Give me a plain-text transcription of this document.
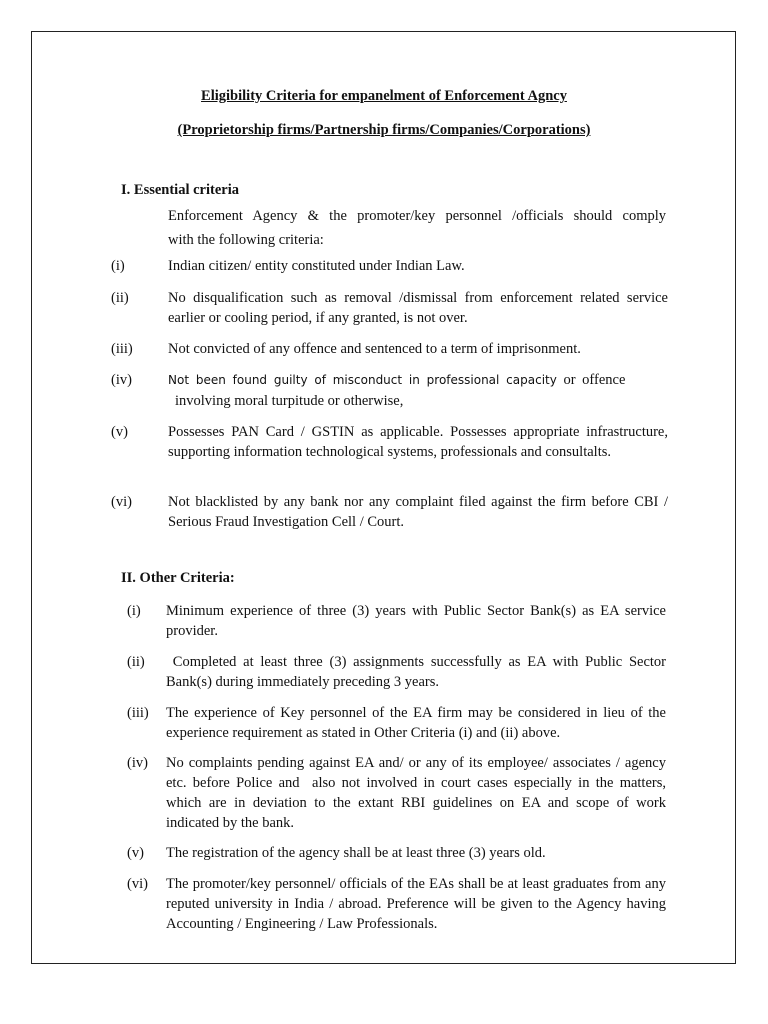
Eligibility Criteria for empanelment of Enforcement Agncy
(Proprietorship firms/Partnership firms/Companies/Corporations)
I. Essential criteria
Enforcement Agency & the promoter/key personnel /officials should comply
with the following criteria:
(i)	Indian citizen/ entity constituted under Indian Law.
(ii)	No disqualification such as removal /dismissal from enforcement related service earlier or cooling period, if any granted, is not over.
(iii) Not convicted of any offence and sentenced to a term of imprisonment.
(iv)	Not been found guilty of misconduct in professional capacity or offence
involving moral turpitude or otherwise,
(v)	Possesses PAN Card / GSTIN as applicable. Possesses appropriate infrastructure, supporting information technological systems, professionals and consultalts.
(vi) Not blacklisted by any bank nor any complaint filed against the firm before CBI / Serious Fraud Investigation Cell / Court.
II. Other Criteria:
(i) Minimum experience of three (3) years with Public Sector Bank(s) as EA service provider.
(ii) Completed at least three (3) assignments successfully as EA with Public Sector Bank(s) during immediately preceding 3 years.
(iii) The experience of Key personnel of the EA firm may be considered in lieu of the experience requirement as stated in Other Criteria (i) and (ii) above.
(iv) No complaints pending against EA and/ or any of its employee/ associates / agency etc. before Police and  also not involved in court cases especially in the matters, which are in deviation to the extant RBI guidelines on EA and scope of work indicated by the bank.
(v) The registration of the agency shall be at least three (3) years old.
(vi) The promoter/key personnel/ officials of the EAs shall be at least graduates from any reputed university in India / abroad. Preference will be given to the Agency having Accounting / Engineering / Law Professionals.
